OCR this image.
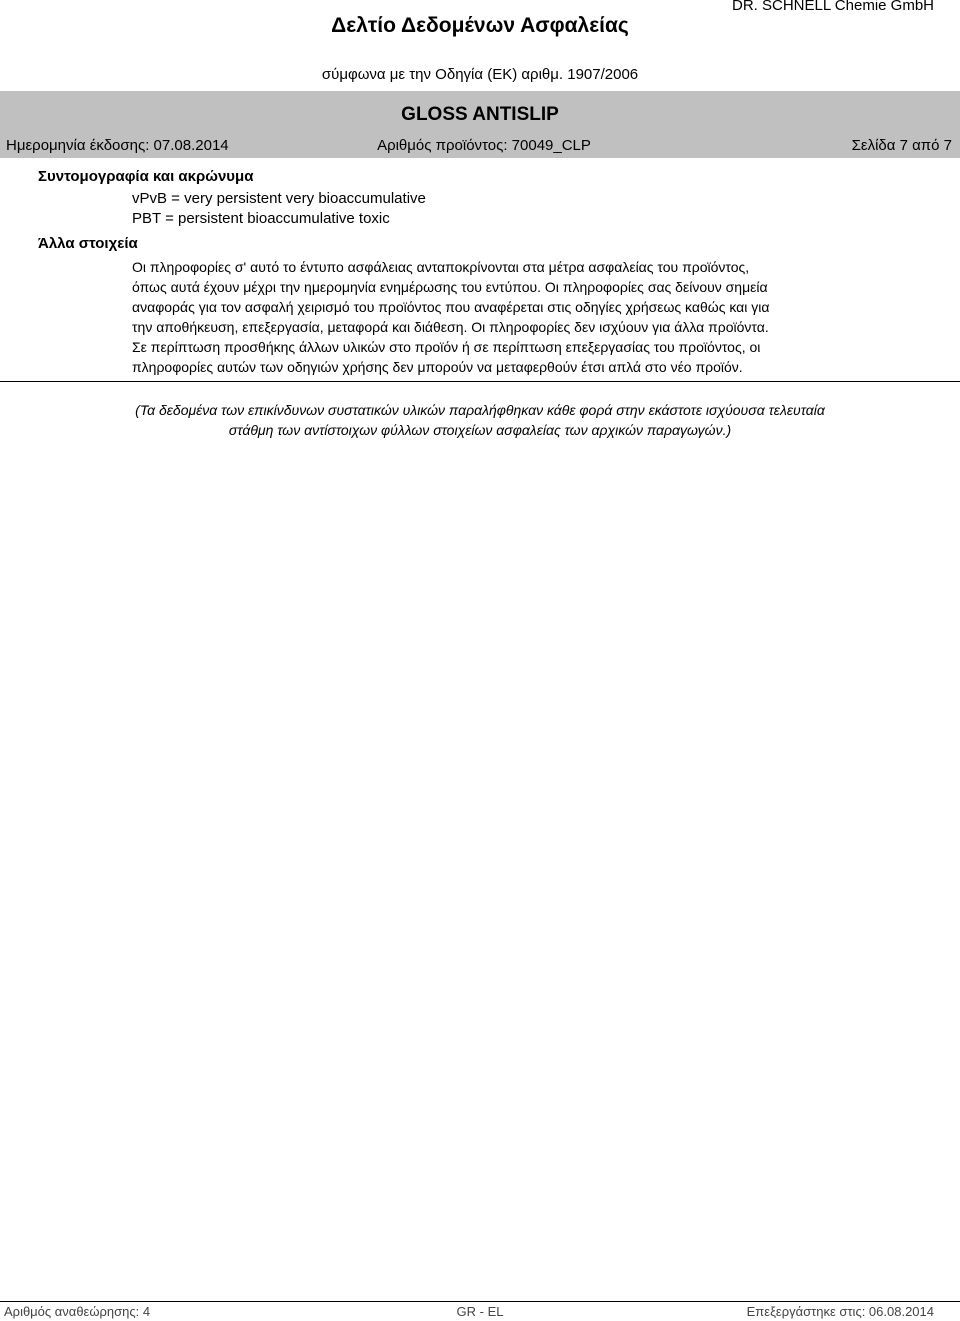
Δελτίο Δεδομένων Ασφαλείας
DR. SCHNELL Chemie GmbH
σύμφωνα με την Οδηγία (ΕΚ) αριθμ. 1907/2006
GLOSS ANTISLIP
Ημερομηνία έκδοσης: 07.08.2014	Αριθμός προϊόντος: 70049_CLP	Σελίδα 7 από 7
Συντομογραφία και ακρώνυμα
vPvB = very persistent very bioaccumulative
PBT = persistent bioaccumulative toxic
Άλλα στοιχεία
Οι πληροφορίες σ' αυτό το έντυπο ασφάλειας ανταποκρίνονται στα μέτρα ασφαλείας του προϊόντος,
όπως αυτά έχουν μέχρι την ημερομηνία ενημέρωσης του εντύπου. Οι πληροφορίες σας δείνουν σημεία
αναφοράς για τον ασφαλή χειρισμό του προϊόντος που αναφέρεται στις οδηγίες χρήσεως καθώς και για
την αποθήκευση, επεξεργασία, μεταφορά και διάθεση. Οι πληροφορίες δεν ισχύουν για άλλα προϊόντα.
Σε περίπτωση προσθήκης άλλων υλικών στο προϊόν ή σε περίπτωση επεξεργασίας του προϊόντος, οι
πληροφορίες αυτών των οδηγιών χρήσης δεν μπορούν να μεταφερθούν έτσι απλά στο νέο προϊόν.
(Τα δεδομένα των επικίνδυνων συστατικών υλικών παραλήφθηκαν κάθε φορά στην εκάστοτε ισχύουσα τελευταία
στάθμη των αντίστοιχων φύλλων στοιχείων ασφαλείας των αρχικών παραγωγών.)
Αριθμός αναθεώρησης: 4	GR - EL	Επεξεργάστηκε στις: 06.08.2014
